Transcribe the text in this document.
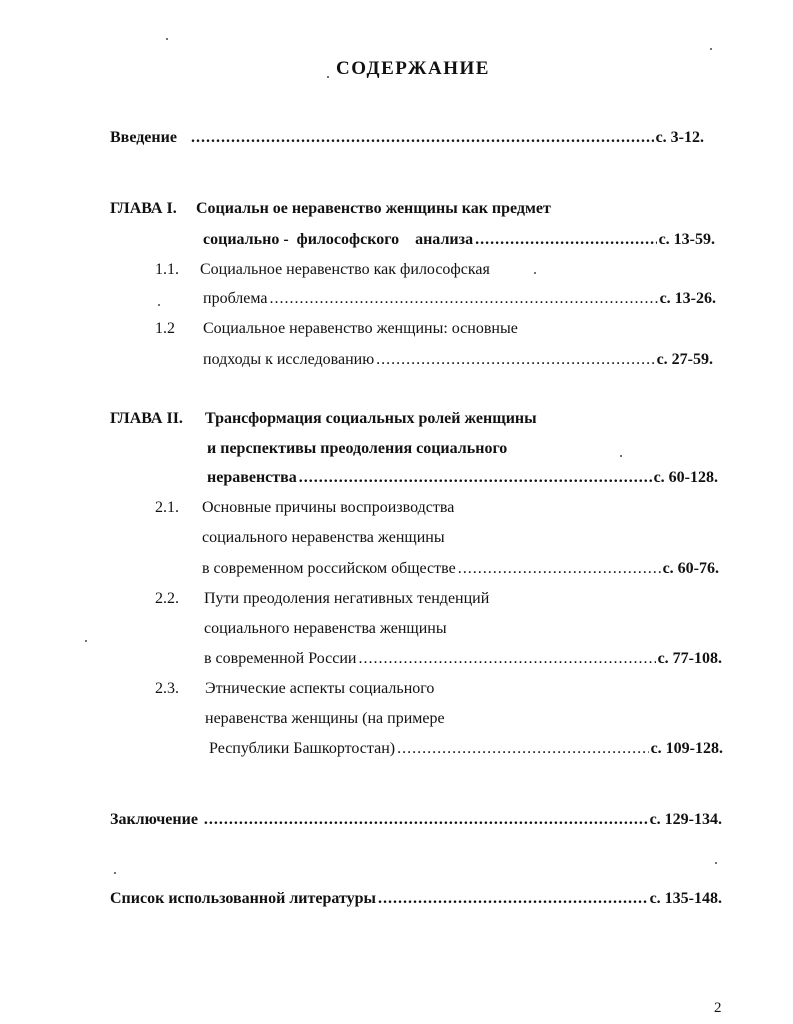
СОДЕРЖАНИЕ
Введение .....	с. 3-12.
ГЛАВА I. Социальн ое неравенство женщины как предмет
социально -  философского    анализа .....	с. 13-59.
1.1. Социальное неравенство как философская
проблема .....	с. 13-26.
1.2 Социальное неравенство женщины: основные
подходы к исследованию .....	с. 27-59.
ГЛАВА II. Трансформация социальных ролей женщины
и перспективы преодоления социального
неравенства .....	с. 60-128.
2.1. Основные причины воспроизводства
социального неравенства женщины
в современном российском обществе .....	с. 60-76.
2.2. Пути преодоления негативных тенденций
социального неравенства женщины
в современной России .....	с. 77-108.
2.3. Этнические аспекты социального
неравенства женщины (на примере
Республики Башкортостан) .....	с. 109-128.
Заключение .....	с. 129-134.
Список использованной литературы .....	с. 135-148.
2
